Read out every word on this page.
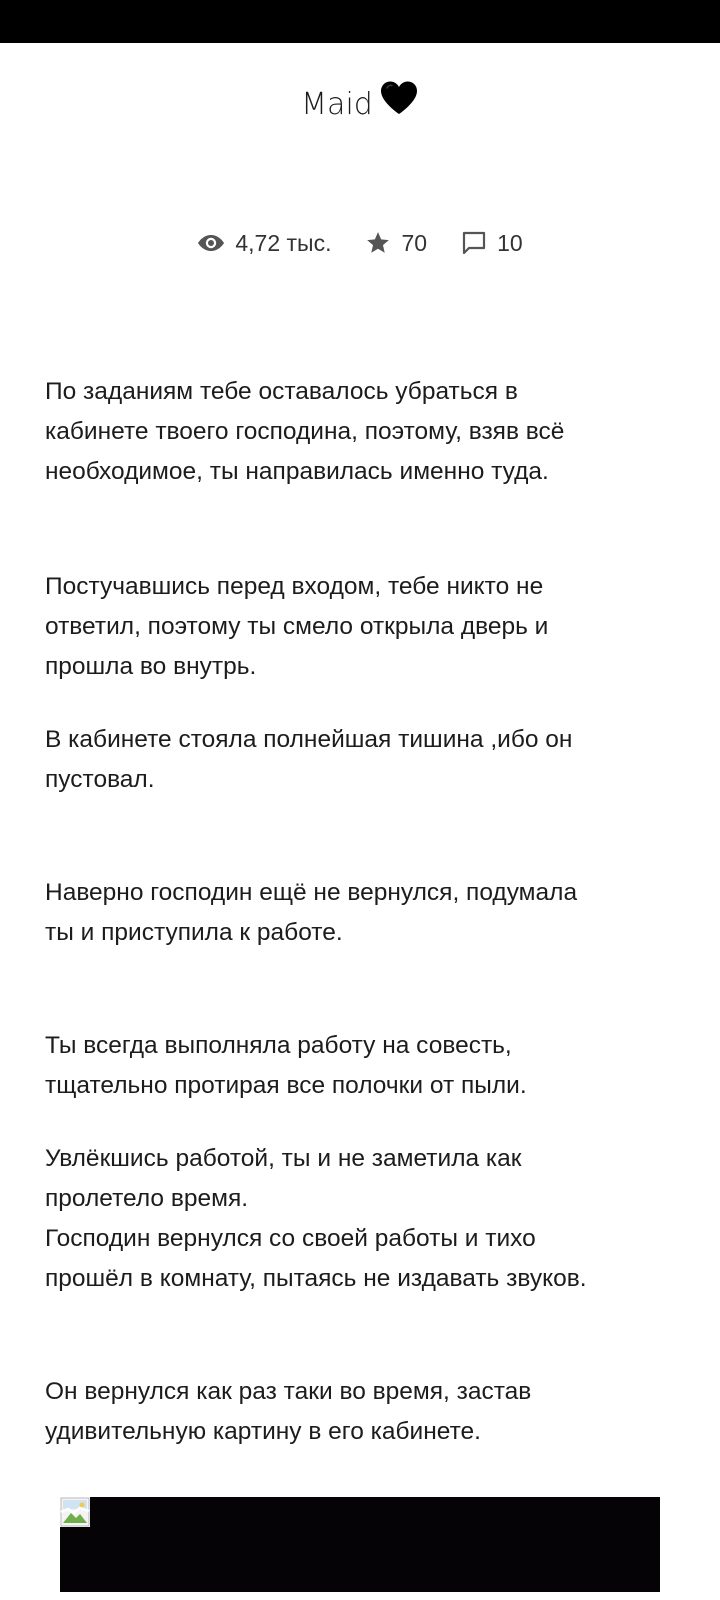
Maid
4,72 тыс.	70	10

По заданиям тебе оставалось убраться в
кабинете твоего господина, поэтому, взяв всё
необходимое, ты направилась именно туда.

Постучавшись перед входом, тебе никто не
ответил, поэтому ты смело открыла дверь и
прошла во внутрь.

В кабинете стояла полнейшая тишина ,ибо он
пустовал.

Наверно господин ещё не вернулся, подумала
ты и приступила к работе.

Ты всегда выполняла работу на совесть,
тщательно протирая все полочки от пыли.

Увлёкшись работой, ты и не заметила как
пролетело время.
Господин вернулся со своей работы и тихо
прошёл в комнату, пытаясь не издавать звуков.

Он вернулся как раз таки во время, застав
удивительную картину в его кабинете.
